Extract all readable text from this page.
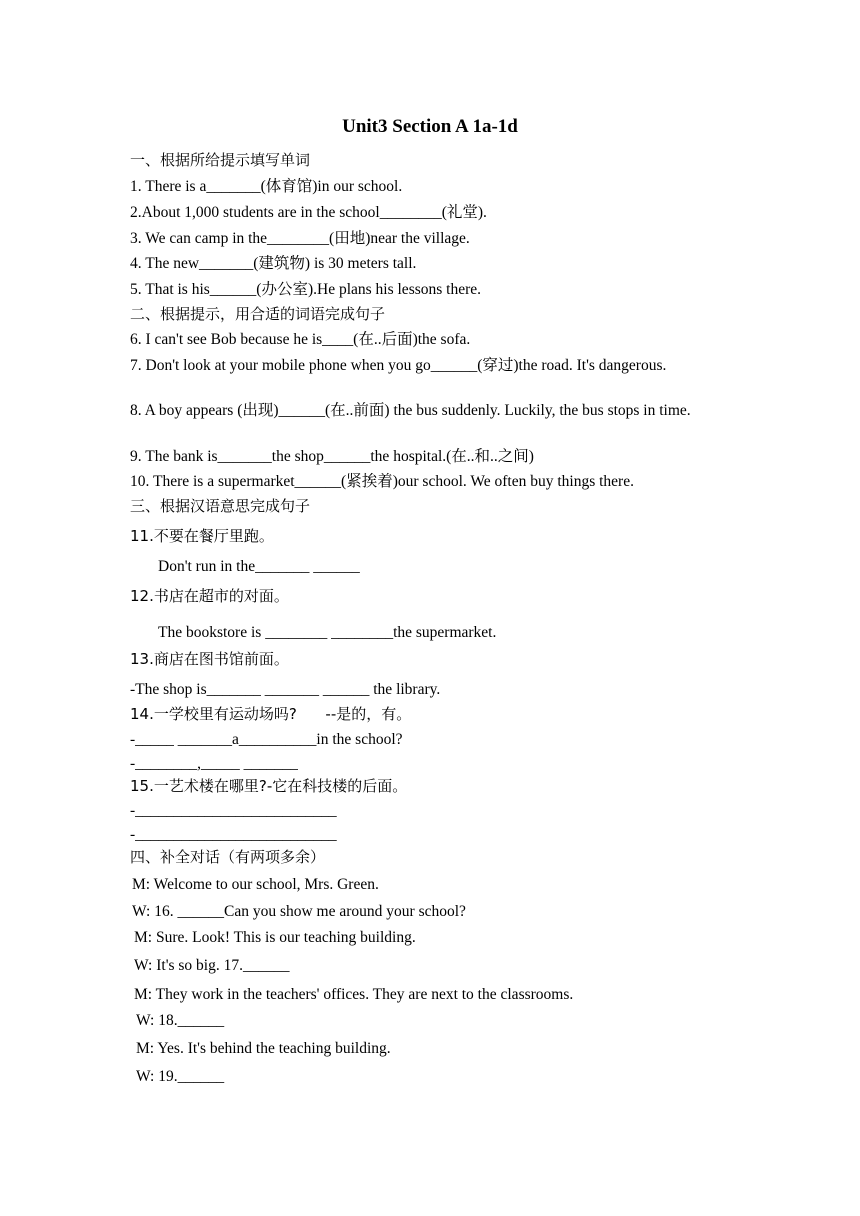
Unit3 Section A 1a-1d
一、根据所给提示填写单词
1. There is a_______(体育馆)in our school.
2.About 1,000 students are in the school________(礼堂).
3. We can camp in the________(田地)near the village.
4. The new_______(建筑物) is 30 meters tall.
5. That is his______(办公室).He plans his lessons there.
二、根据提示，用合适的词语完成句子
6. I can't see Bob because he is____(在..后面)the sofa.
7. Don't look at your mobile phone when you go______(穿过)the road. It's dangerous.
8. A boy appears (出现)______(在..前面) the bus suddenly. Luckily, the bus stops in time.
9. The bank is_______the shop______the hospital.(在..和..之间)
10. There is a supermarket______(紧挨着)our school. We often buy things there.
三、根据汉语意思完成句子
11.不要在餐厅里跑。
Don't run in the_______ ______
12.书店在超市的对面。
The bookstore is ________ ________the supermarket.
13.商店在图书馆前面。
-The shop is_______ _______ ______ the library.
14.一学校里有运动场吗?      --是的，有。
-_____ _______a__________in the school?
-________,_____ _______
15.一艺术楼在哪里?-它在科技楼的后面。
-__________________________
-__________________________
四、补全对话（有两项多余）
M: Welcome to our school, Mrs. Green.
W: 16. ______Can you show me around your school?
M: Sure. Look! This is our teaching building.
W: It's so big. 17.______
M: They work in the teachers' offices. They are next to the classrooms.
W: 18.______
M: Yes. It's behind the teaching building.
W: 19.______
